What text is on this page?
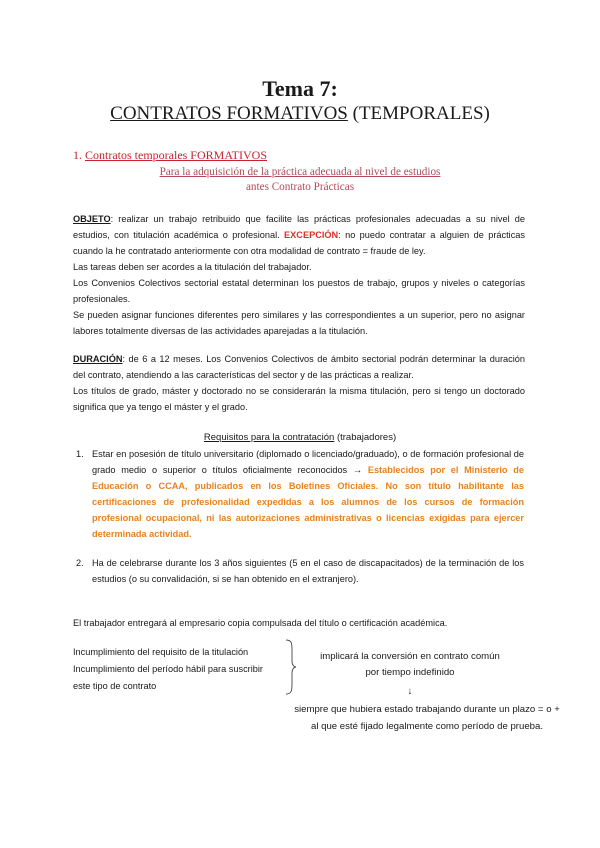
Tema 7:
CONTRATOS FORMATIVOS (TEMPORALES)
1. Contratos temporales FORMATIVOS
Para la adquisición de la práctica adecuada al nivel de estudios
antes Contrato Prácticas
OBJETO: realizar un trabajo retribuido que facilite las prácticas profesionales adecuadas a su nivel de estudios, con titulación académica o profesional. EXCEPCIÓN: no puedo contratar a alguien de prácticas cuando la he contratado anteriormente con otra modalidad de contrato = fraude de ley.
Las tareas deben ser acordes a la titulación del trabajador.
Los Convenios Colectivos sectorial estatal determinan los puestos de trabajo, grupos y niveles o categorías profesionales.
Se pueden asignar funciones diferentes pero similares y las correspondientes a un superior, pero no asignar labores totalmente diversas de las actividades aparejadas a la titulación.
DURACIÓN: de 6 a 12 meses. Los Convenios Colectivos de ámbito sectorial podrán determinar la duración del contrato, atendiendo a las características del sector y de las prácticas a realizar.
Los títulos de grado, máster y doctorado no se considerarán la misma titulación, pero si tengo un doctorado significa que ya tengo el máster y el grado.
Requisitos para la contratación (trabajadores)
1. Estar en posesión de título universitario (diplomado o licenciado/graduado), o de formación profesional de grado medio o superior o títulos oficialmente reconocidos → Establecidos por el Ministerio de Educación o CCAA, publicados en los Boletines Oficiales. No son título habilitante las certificaciones de profesionalidad expedidas a los alumnos de los cursos de formación profesional ocupacional, ni las autorizaciones administrativas o licencias exigidas para ejercer determinada actividad.
2. Ha de celebrarse durante los 3 años siguientes (5 en el caso de discapacitados) de la terminación de los estudios (o su convalidación, si se han obtenido en el extranjero).
El trabajador entregará al empresario copia compulsada del título o certificación académica.
Incumplimiento del requisito de la titulación
Incumplimiento del período hábil para suscribir
este tipo de contrato
implicará la conversión en contrato común
por tiempo indefinido
↓
siempre que hubiera estado trabajando durante un plazo = o +
al que esté fijado legalmente como período de prueba.
